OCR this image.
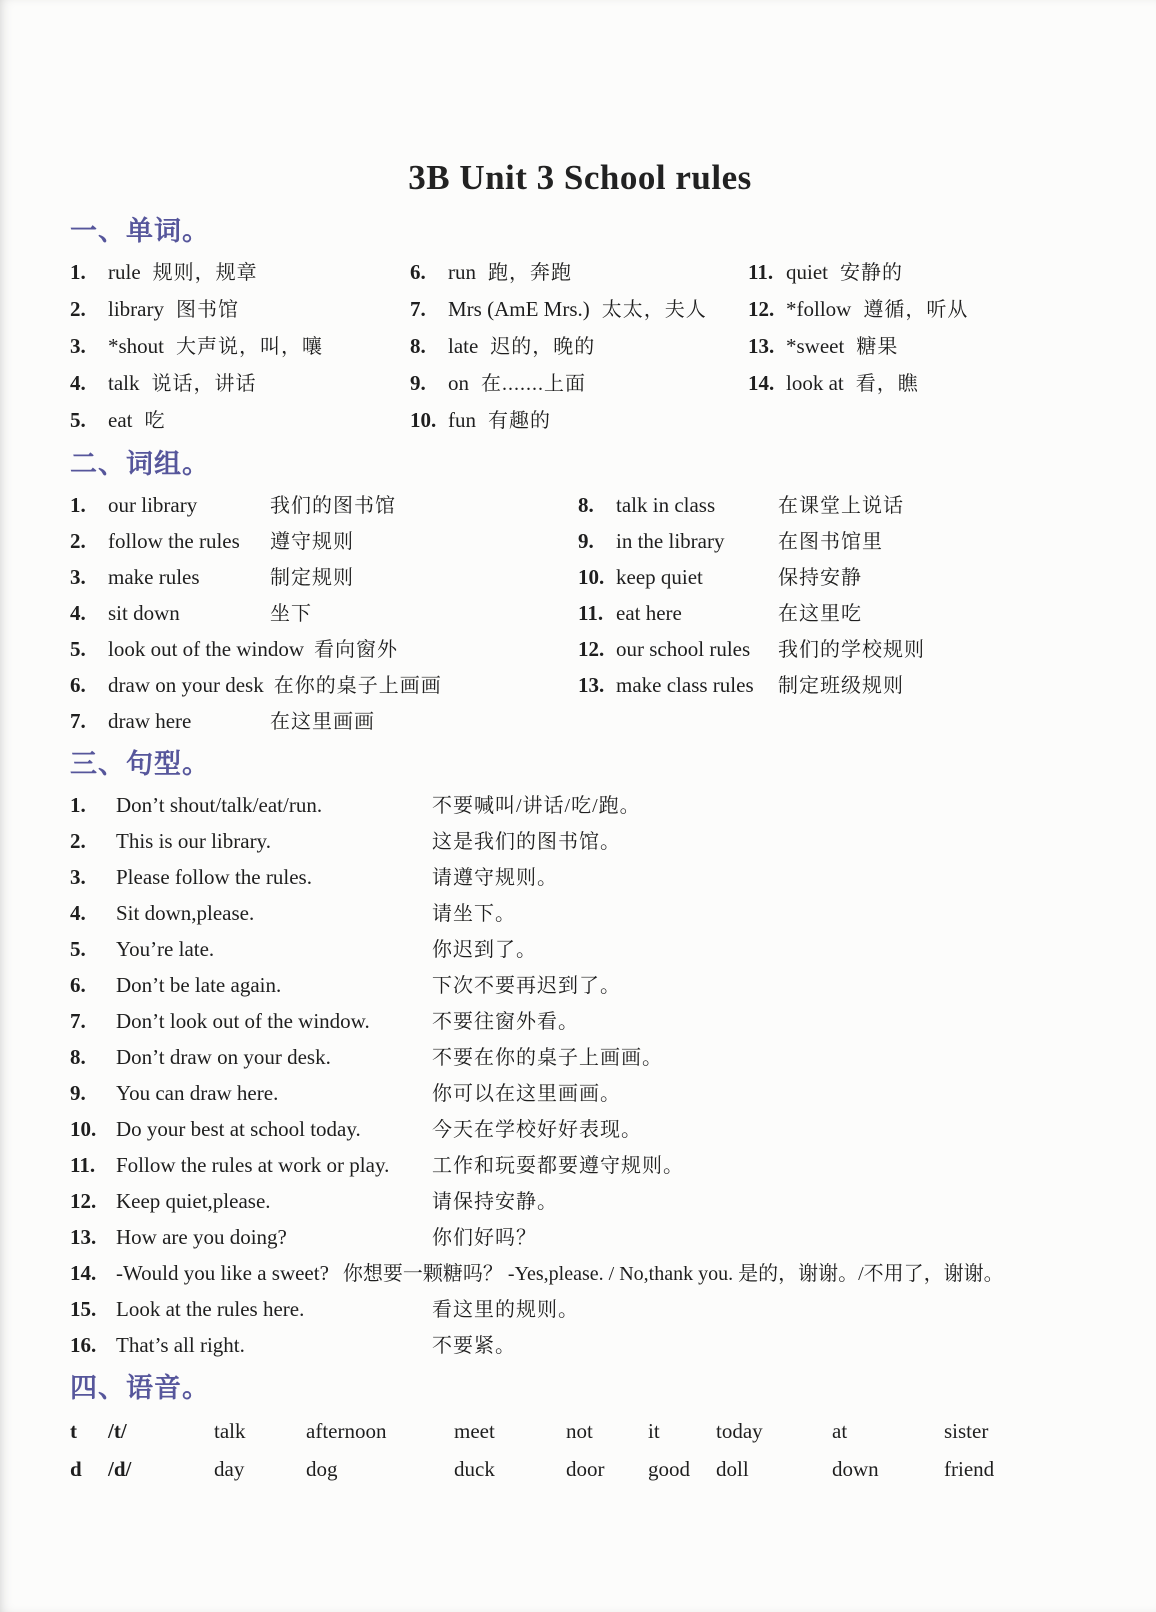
3B Unit 3 School rules
一、单词。
1.	rule 规则，规章
2.	library 图书馆
3.	*shout 大声说，叫，嚷
4.	talk 说话，讲话
5.	eat 吃
6.	run 跑，奔跑
7.	Mrs (AmE Mrs.) 太太，夫人
8.	late 迟的，晚的
9.	on 在.......上面
10. fun 有趣的
11. quiet 安静的
12. *follow 遵循，听从
13. *sweet 糖果
14. look at 看，瞧
二、词组。
1.	our library	我们的图书馆
2.	follow the rules	遵守规则
3.	make rules	制定规则
4.	sit down	坐下
5.	look out of the window 看向窗外
6.	draw on your desk 在你的桌子上画画
7.	draw here	在这里画画
8.	talk in class	在课堂上说话
9.	in the library	在图书馆里
10. keep quiet	保持安静
11. eat here	在这里吃
12. our school rules	我们的学校规则
13. make class rules	制定班级规则
三、句型。
1.	Don’t shout/talk/eat/run.	不要喊叫/讲话/吃/跑。
2.	This is our library.	这是我们的图书馆。
3.	Please follow the rules.	请遵守规则。
4.	Sit down,please.	请坐下。
5.	You’re late.	你迟到了。
6.	Don’t be late again.	下次不要再迟到了。
7.	Don’t look out of the window.	不要往窗外看。
8.	Don’t draw on your desk.	不要在你的桌子上画画。
9.	You can draw here.	你可以在这里画画。
10. Do your best at school today.	今天在学校好好表现。
11. Follow the rules at work or play.	工作和玩耍都要遵守规则。
12. Keep quiet,please.	请保持安静。
13. How are you doing?	你们好吗？
14. -Would you like a sweet? 你想要一颗糖吗？ -Yes,please. / No,thank you. 是的，谢谢。/不用了，谢谢。
15. Look at the rules here.	看这里的规则。
16. That’s all right.	不要紧。
四、语音。
t	/t/	talk	afternoon	meet	not	it	today	at	sister
d	/d/	day	dog	duck	door	good	doll	down	friend
